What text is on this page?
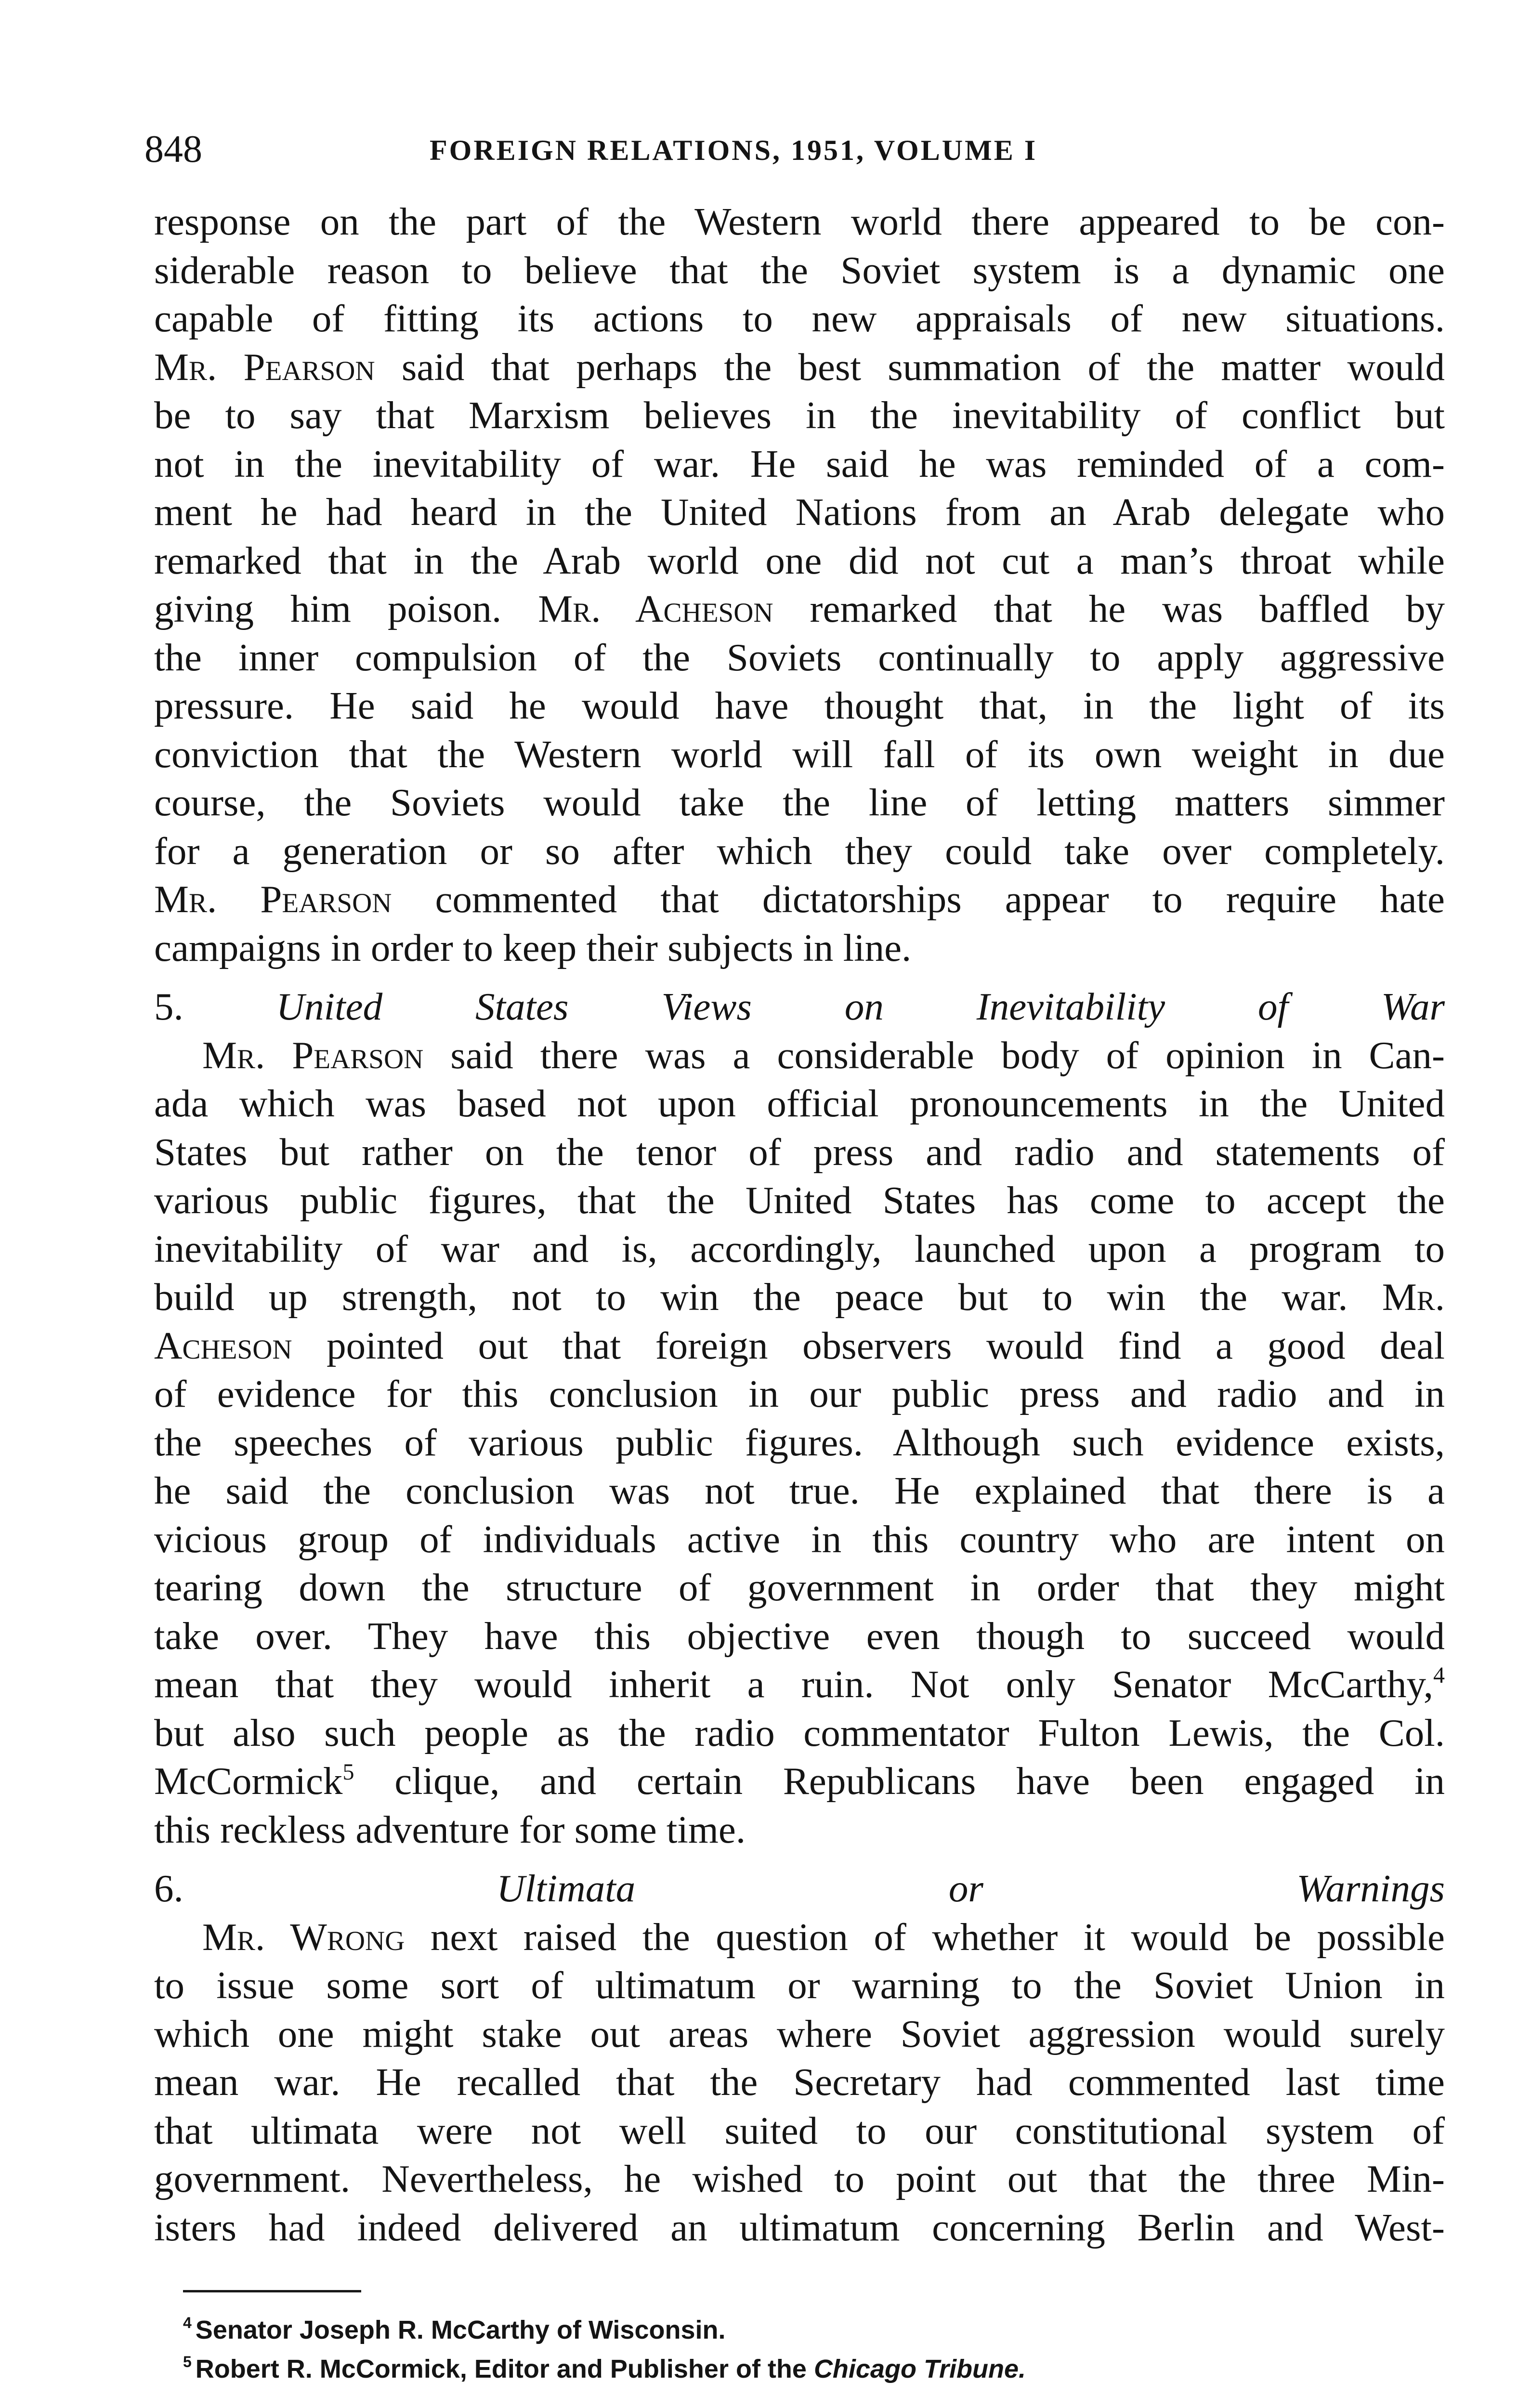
848	FOREIGN RELATIONS, 1951, VOLUME I
response on the part of the Western world there appeared to be con-
siderable reason to believe that the Soviet system is a dynamic one
capable of fitting its actions to new appraisals of new situations.
Mr. Pearson said that perhaps the best summation of the matter would
be to say that Marxism believes in the inevitability of conflict but
not in the inevitability of war. He said he was reminded of a com-
ment he had heard in the United Nations from an Arab delegate who
remarked that in the Arab world one did not cut a man’s throat while
giving him poison. Mr. Acheson remarked that he was baffled by
the inner compulsion of the Soviets continually to apply aggressive
pressure. He said he would have thought that, in the light of its
conviction that the Western world will fall of its own weight in due
course, the Soviets would take the line of letting matters simmer
for a generation or so after which they could take over completely.
Mr. Pearson commented that dictatorships appear to require hate
campaigns in order to keep their subjects in line.
5. United States Views on Inevitability of War
Mr. Pearson said there was a considerable body of opinion in Can-
ada which was based not upon official pronouncements in the United
States but rather on the tenor of press and radio and statements of
various public figures, that the United States has come to accept the
inevitability of war and is, accordingly, launched upon a program to
build up strength, not to win the peace but to win the war. Mr.
Acheson pointed out that foreign observers would find a good deal
of evidence for this conclusion in our public press and radio and in
the speeches of various public figures. Although such evidence exists,
he said the conclusion was not true. He explained that there is a
vicious group of individuals active in this country who are intent on
tearing down the structure of government in order that they might
take over. They have this objective even though to succeed would
mean that they would inherit a ruin. Not only Senator McCarthy,$^4$
but also such people as the radio commentator Fulton Lewis, the Col.
McCormick$^5$ clique, and certain Republicans have been engaged in
this reckless adventure for some time.
6.	Ultimata or Warnings
Mr. Wrong next raised the question of whether it would be possible
to issue some sort of ultimatum or warning to the Soviet Union in
which one might stake out areas where Soviet aggression would surely
mean war. He recalled that the Secretary had commented last time
that ultimata were not well suited to our constitutional system of
government. Nevertheless, he wished to point out that the three Min-
isters had indeed delivered an ultimatum concerning Berlin and West-
$^4$ Senator Joseph R. McCarthy of Wisconsin.
$^5$ Robert R. McCormick, Editor and Publisher of the Chicago Tribune.
